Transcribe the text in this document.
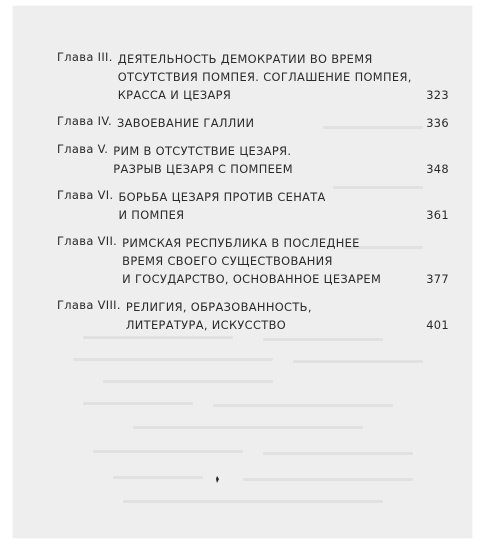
Глава III. ДЕЯТЕЛЬНОСТЬ ДЕМОКРАТИИ ВО ВРЕМЯ
ОТСУТСТВИЯ ПОМПЕЯ. СОГЛАШЕНИЕ ПОМПЕЯ,
КРАССА И ЦЕЗАРЯ . . .	323
Глава IV. ЗАВОЕВАНИЕ ГАЛЛИИ . . .	336
Глава V. РИМ В ОТСУТСТВИЕ ЦЕЗАРЯ.
РАЗРЫВ ЦЕЗАРЯ С ПОМПЕЕМ . . .	348
Глава VI. БОРЬБА ЦЕЗАРЯ ПРОТИВ СЕНАТА
И ПОМПЕЯ . . .	361
Глава VII. РИМСКАЯ РЕСПУБЛИКА В ПОСЛЕДНЕЕ
ВРЕМЯ СВОЕГО СУЩЕСТВОВАНИЯ
И ГОСУДАРСТВО, ОСНОВАННОЕ ЦЕЗАРЕМ . . .	377
Глава VIII. РЕЛИГИЯ, ОБРАЗОВАННОСТЬ,
ЛИТЕРАТУРА, ИСКУССТВО . . .	401
